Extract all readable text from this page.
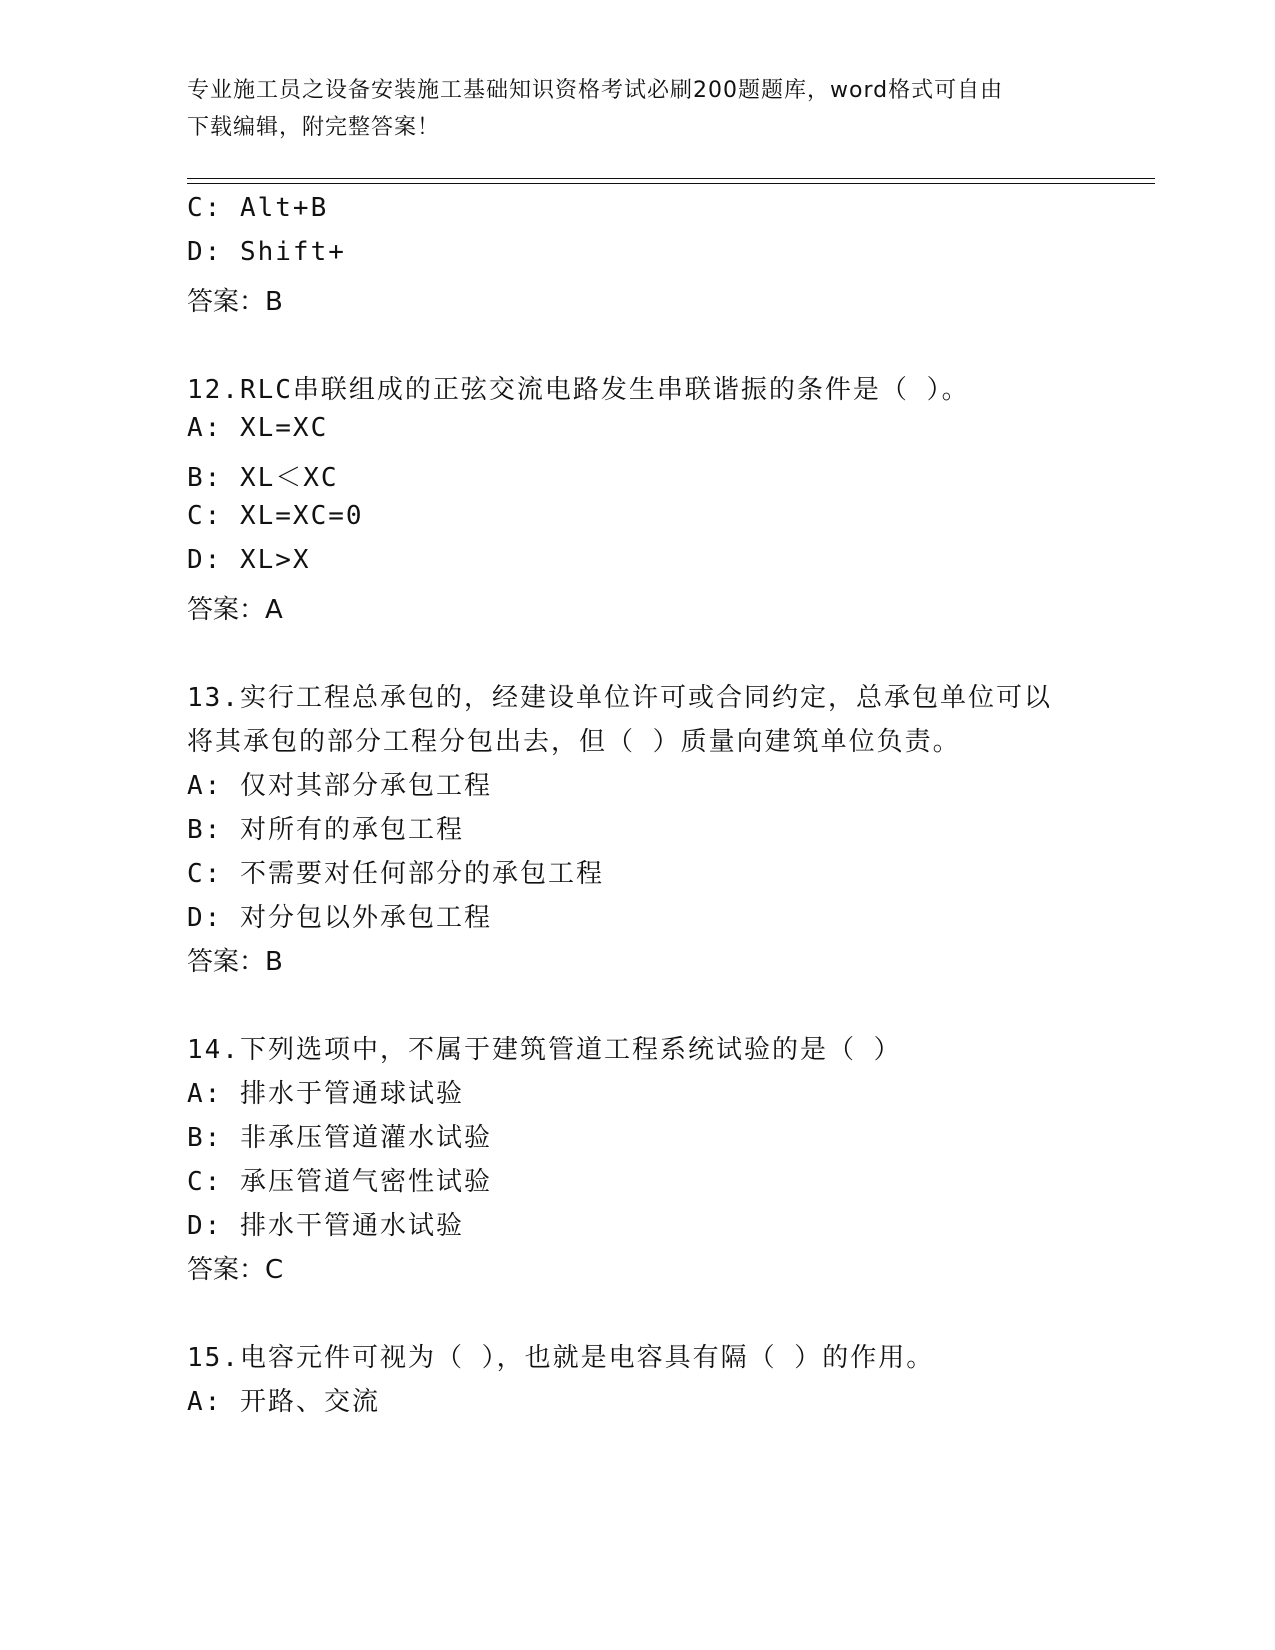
专业施工员之设备安装施工基础知识资格考试必刷200题题库，word格式可自由
下载编辑，附完整答案！
C: Alt+B
D: Shift+
答案：B
12.RLC串联组成的正弦交流电路发生串联谐振的条件是（ ）。
A: XL=XC
B: XL＜XC
C: XL=XC=0
D: XL>X
答案：A
13.实行工程总承包的，经建设单位许可或合同约定，总承包单位可以
将其承包的部分工程分包出去，但（ ）质量向建筑单位负责。
A: 仅对其部分承包工程
B: 对所有的承包工程
C: 不需要对任何部分的承包工程
D: 对分包以外承包工程
答案：B
14.下列选项中，不属于建筑管道工程系统试验的是（ ）
A: 排水于管通球试验
B: 非承压管道灌水试验
C: 承压管道气密性试验
D: 排水干管通水试验
答案：C
15.电容元件可视为（ ），也就是电容具有隔（ ）的作用。
A: 开路、交流
